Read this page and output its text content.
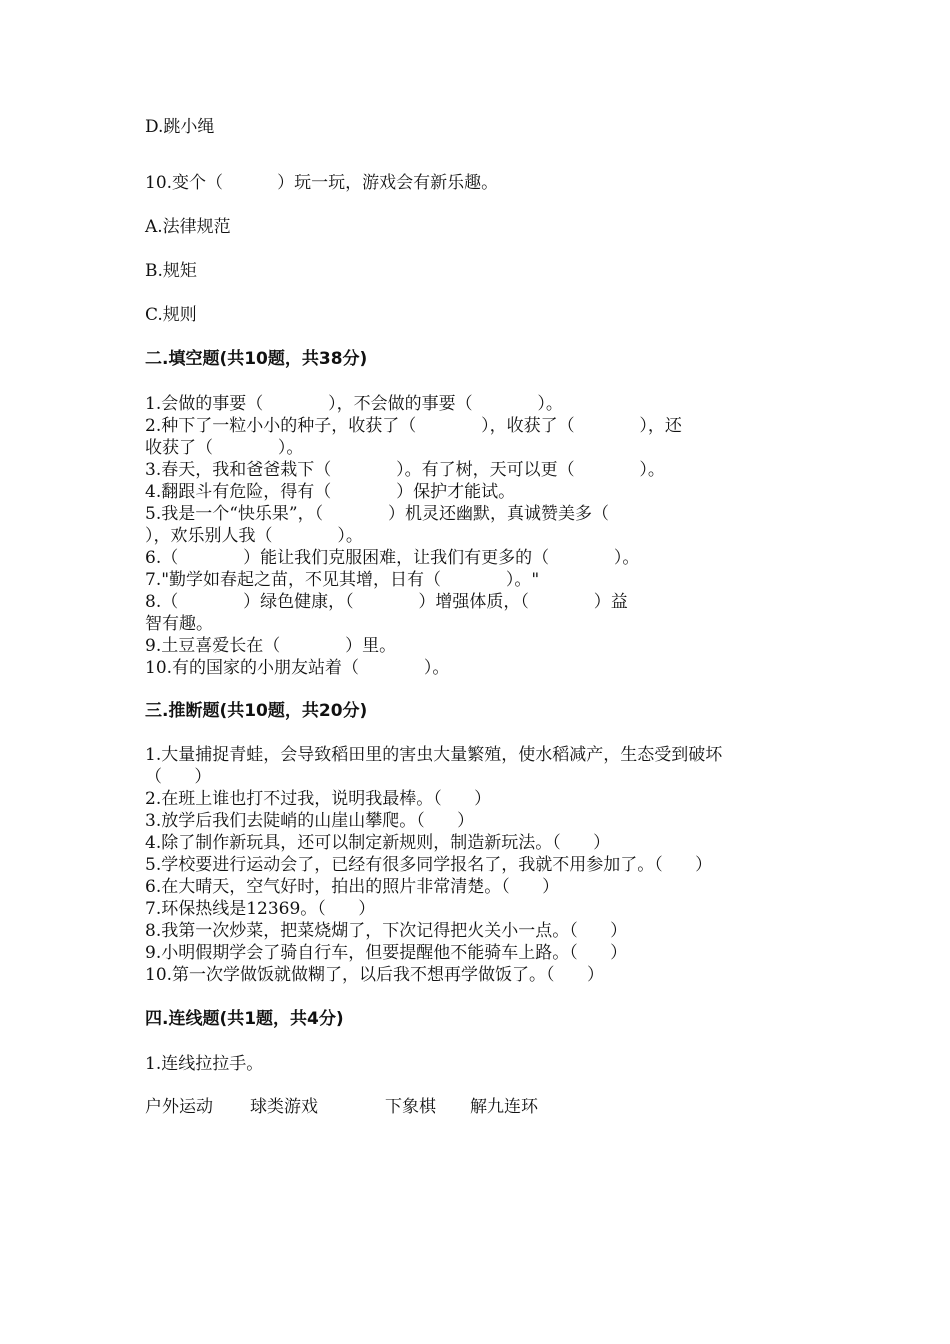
D.跳小绳
10.变个（          ）玩一玩，游戏会有新乐趣。
A.法律规范
B.规矩
C.规则
二.填空题(共10题，共38分)
1.会做的事要（            ），不会做的事要（            ）。
2.种下了一粒小小的种子，收获了（            ），收获了（            ），还
收获了（            ）。
3.春天，我和爸爸栽下（            ）。有了树，天可以更（            ）。
4.翻跟斗有危险，得有（            ）保护才能试。
5.我是一个“快乐果”，（            ）机灵还幽默，真诚赞美多（
），欢乐别人我（            ）。
6.（            ）能让我们克服困难，让我们有更多的（            ）。
7."勤学如春起之苗，不见其增，日有（            ）。"
8.（            ）绿色健康，（            ）增强体质，（            ）益
智有趣。
9.土豆喜爱长在（            ）里。
10.有的国家的小朋友站着（            ）。
三.推断题(共10题，共20分)
1.大量捕捉青蛙，会导致稻田里的害虫大量繁殖，使水稻减产，生态受到破坏
（      ）
2.在班上谁也打不过我，说明我最棒。（      ）
3.放学后我们去陡峭的山崖山攀爬。（      ）
4.除了制作新玩具，还可以制定新规则，制造新玩法。（      ）
5.学校要进行运动会了，已经有很多同学报名了，我就不用参加了。（      ）
6.在大晴天，空气好时，拍出的照片非常清楚。（      ）
7.环保热线是12369。（      ）
8.我第一次炒菜，把菜烧煳了，下次记得把火关小一点。（      ）
9.小明假期学会了骑自行车，但要提醒他不能骑车上路。（      ）
10.第一次学做饭就做糊了，以后我不想再学做饭了。（      ）
四.连线题(共1题，共4分)
1.连线拉拉手。
户外运动 球类游戏	下象棋 解九连环
